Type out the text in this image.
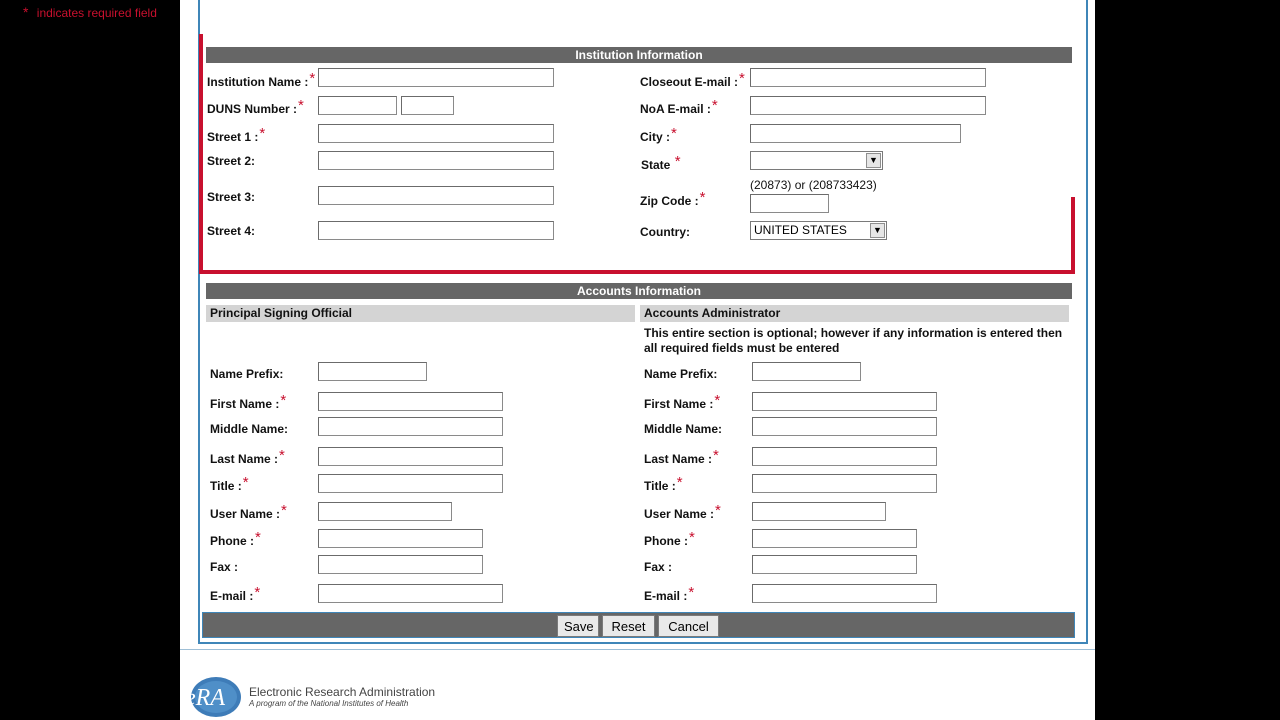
* indicates required field
Institution Information
Institution Name :*
DUNS Number :*
Street 1 :*
Street 2:
Street 3:
Street 4:
Closeout E-mail :*
NoA E-mail :*
City :*
State *	▼
(20873) or (208733423)
Zip Code :*
Country:	UNITED STATES	▼
Accounts Information
Principal Signing Official	Accounts Administrator
This entire section is optional; however if any information is entered then
all required fields must be entered
Name Prefix:
First Name :*
Middle Name:
Last Name :*
Title :*
User Name :*
Phone :*
Fax :
E-mail :*
Name Prefix:
First Name :*
Middle Name:
Last Name :*
Title :*
User Name :*
Phone :*
Fax :
E-mail :*
Save	Reset	Cancel
eRA Electronic Research Administration
A program of the National Institutes of Health
